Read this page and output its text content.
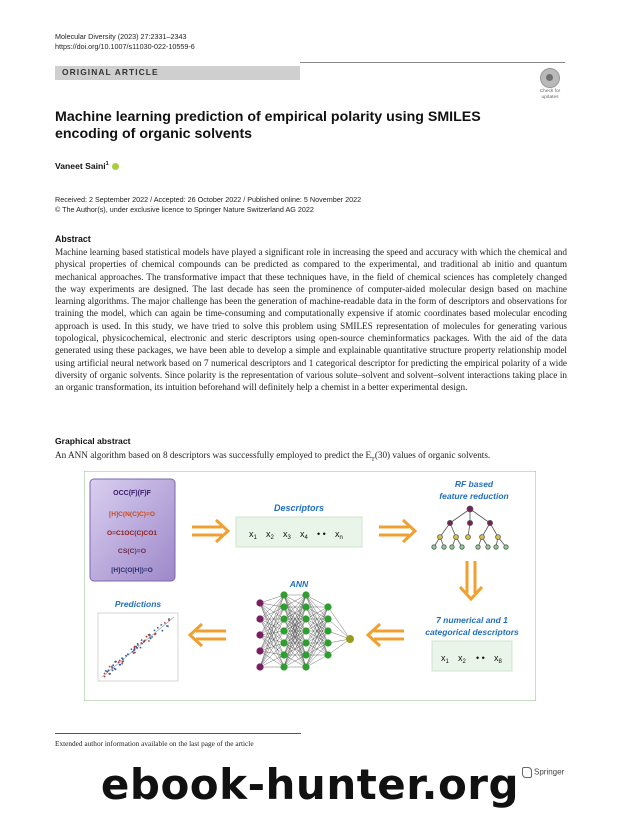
Molecular Diversity (2023) 27:2331–2343
https://doi.org/10.1007/s11030-022-10559-6
ORIGINAL ARTICLE
Check for
updates
Machine learning prediction of empirical polarity using SMILES
encoding of organic solvents
Vaneet Saini$^1$
Received: 2 September 2022 / Accepted: 26 October 2022 / Published online: 5 November 2022
© The Author(s), under exclusive licence to Springer Nature Switzerland AG 2022
Abstract
Machine learning based statistical models have played a significant role in increasing the speed and accuracy with which the chemical and physical properties of chemical compounds can be predicted as compared to the experimental, and traditional ab initio and quantum mechanical approaches. The transformative impact that these techniques have, in the field of chemical sciences has completely changed the way experiments are designed. The last decade has seen the prominence of computer-aided molecular design based on machine learning algorithms. The major challenge has been the generation of machine-readable data in the form of descriptors and observations for training the model, which can again be time-consuming and computationally expensive if atomic coordinates based molecular encoding approach is used. In this study, we have tried to solve this problem using SMILES representation of molecules for generating various topological, physicochemical, electronic and steric descriptors using open-source cheminformatics packages. With the aid of the data generated using these packages, we have been able to develop a simple and explainable quantitative structure property relationship model using artificial neural network based on 7 numerical descriptors and 1 categorical descriptor for predicting the empirical polarity of a wide diversity of organic solvents. Since polarity is the representation of various solute–solvent and solvent–solvent interactions taking place in an organic transformation, its intuition beforehand will definitely help a chemist in a better experimental design.
Graphical abstract
An ANN algorithm based on 8 descriptors was successfully employed to predict the $E_T(30)$ values of organic solvents.
OCC(F)(F)F
[H]C(N(C)C)=O
O=C1OC(C)CO1
CS(C)=O
[H]C(O[H])=O
Descriptors
$x_1$ $x_2$ $x_3$ $x_4$ • • $x_n$
RF based
feature reduction
7 numerical and 1
categorical descriptors
$x_1$ $x_2$ • • $x_8$
ANN
Predictions
Extended author information available on the last page of the article
Springer
ebook-hunter.org
